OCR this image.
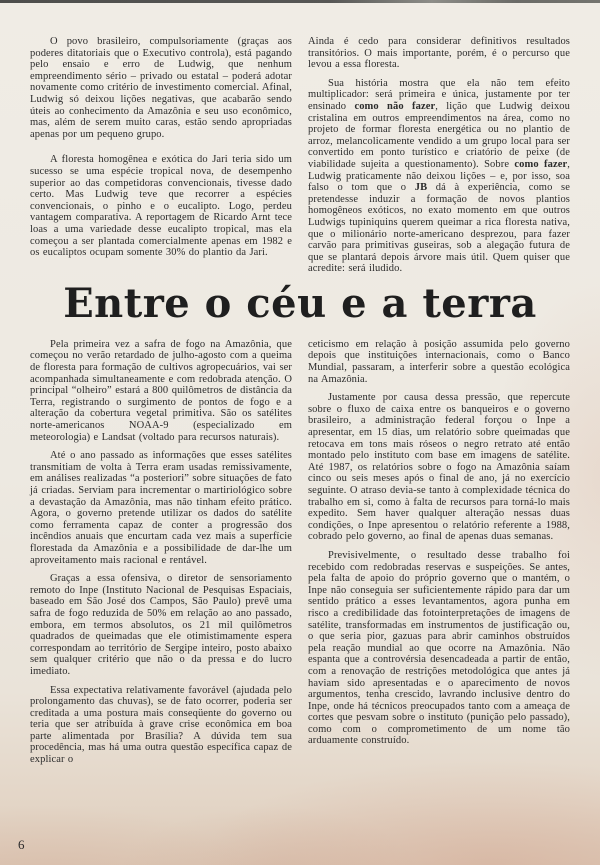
O povo brasileiro, compulsoriamente (graças aos poderes ditatoriais que o Executivo controla), está pagando pelo ensaio e erro de Ludwig, que nenhum empreendimento sério – privado ou estatal – poderá adotar novamente como critério de investimento comercial. Afinal, Ludwig só deixou lições negativas, que acabarão sendo úteis ao conhecimento da Amazônia e seu uso econômico, mas, além de serem muito caras, estão sendo apropriadas apenas por um pequeno grupo.

A floresta homogênea e exótica do Jari teria sido um sucesso se uma espécie tropical nova, de desempenho superior ao das competidoras convencionais, tivesse dado certo. Mas Ludwig teve que recorrer a espécies convencionais, o pinho e o eucalipto. Logo, perdeu vantagem comparativa. A reportagem de Ricardo Arnt tece loas a uma variedade desse eucalipto tropical, mas ela começou a ser plantada comercialmente apenas em 1982 e os eucaliptos ocupam somente 30% do plantio da Jari.

Ainda é cedo para considerar definitivos resultados transitórios. O mais importante, porém, é o percurso que levou a essa floresta.

Sua história mostra que ela não tem efeito multiplicador: será primeira e única, justamente por ter ensinado como não fazer, lição que Ludwig deixou cristalina em outros empreendimentos na área, como no projeto de formar floresta energética ou no plantio de arroz, melancolicamente vendido a um grupo local para ser convertido em ponto turístico e criatório de peixe (de viabilidade sujeita a questionamento). Sobre como fazer, Ludwig praticamente não deixou lições – e, por isso, soa falso o tom que o JB dá à experiência, como se pretendesse induzir a formação de novos plantios homogêneos exóticos, no exato momento em que outros Ludwigs tupiniquins querem queimar a rica floresta nativa, que o milionário norte-americano desprezou, para fazer carvão para primitivas guseiras, sob a alegação futura de que se plantará depois árvore mais útil. Quem quiser que acredite: será iludido.

Entre o céu e a terra

Pela primeira vez a safra de fogo na Amazônia, que começou no verão retardado de julho-agosto com a queima de floresta para formação de cultivos agropecuários, vai ser acompanhada simultaneamente e com redobrada atenção. O principal “olheiro” estará a 800 quilômetros de distância da Terra, registrando o surgimento de pontos de fogo e a alteração da cobertura vegetal primitiva. São os satélites norte-americanos NOAA-9 (especializado em meteorologia) e Landsat (voltado para recursos naturais).

Até o ano passado as informações que esses satélites transmitiam de volta à Terra eram usadas remissivamente, em análises realizadas “a posteriori” sobre situações de fato já criadas. Serviam para incrementar o martiriológico sobre a devastação da Amazônia, mas não tinham efeito prático. Agora, o governo pretende utilizar os dados do satélite como ferramenta capaz de conter a progressão dos incêndios anuais que encurtam cada vez mais a superfície florestada da Amazônia e a possibilidade de dar-lhe um aproveitamento mais racional e rentável.

Graças a essa ofensiva, o diretor de sensoriamento remoto do Inpe (Instituto Nacional de Pesquisas Espaciais, baseado em São José dos Campos, São Paulo) prevê uma safra de fogo reduzida de 50% em relação ao ano passado, embora, em termos absolutos, os 21 mil quilômetros quadrados de queimadas que ele otimistimamente espera correspondam ao território de Sergipe inteiro, posto abaixo sem qualquer critério que não o da pressa e do lucro imediato.

Essa expectativa relativamente favorável (ajudada pelo prolongamento das chuvas), se de fato ocorrer, poderia ser creditada a uma postura mais conseqüente do governo ou teria que ser atribuída à grave crise econômica em boa parte alimentada por Brasília? A dúvida tem sua procedência, mas há uma outra questão específica capaz de explicar o

ceticismo em relação à posição assumida pelo governo depois que instituições internacionais, como o Banco Mundial, passaram, a interferir sobre a questão ecológica na Amazônia.

Justamente por causa dessa pressão, que repercute sobre o fluxo de caixa entre os banqueiros e o governo brasileiro, a administração federal forçou o Inpe a apresentar, em 15 dias, um relatório sobre queimadas que retocava em tons mais róseos o negro retrato até então montado pelo instituto com base em imagens de satélite. Até 1987, os relatórios sobre o fogo na Amazônia saíam cinco ou seis meses após o final de ano, já no exercício seguinte. O atraso devia-se tanto à complexidade técnica do trabalho em si, como à falta de recursos para torná-lo mais expedito. Sem haver qualquer alteração nessas duas condições, o Inpe apresentou o relatório referente a 1988, cobrado pelo governo, ao final de apenas duas semanas.

Previsivelmente, o resultado desse trabalho foi recebido com redobradas reservas e suspeições. Se antes, pela falta de apoio do próprio governo que o mantém, o Inpe não conseguia ser suficientemente rápido para dar um sentido prático a esses levantamentos, agora punha em risco a credibilidade das fotointerpretações de imagens de satélite, transformadas em instrumentos de justificação ou, o que seria pior, gazuas para abrir caminhos obstruídos pela reação mundial ao que ocorre na Amazônia. Não espanta que a controvérsia desencadeada a partir de então, com a renovação de restrições metodológica que antes já haviam sido apresentadas e o aparecimento de novos argumentos, tenha crescido, lavrando inclusive dentro do Inpe, onde há técnicos preocupados tanto com a ameaça de cortes que pesvam sobre o instituto (punição pelo passado), como com o comprometimento de um nome tão arduamente construído.

6
